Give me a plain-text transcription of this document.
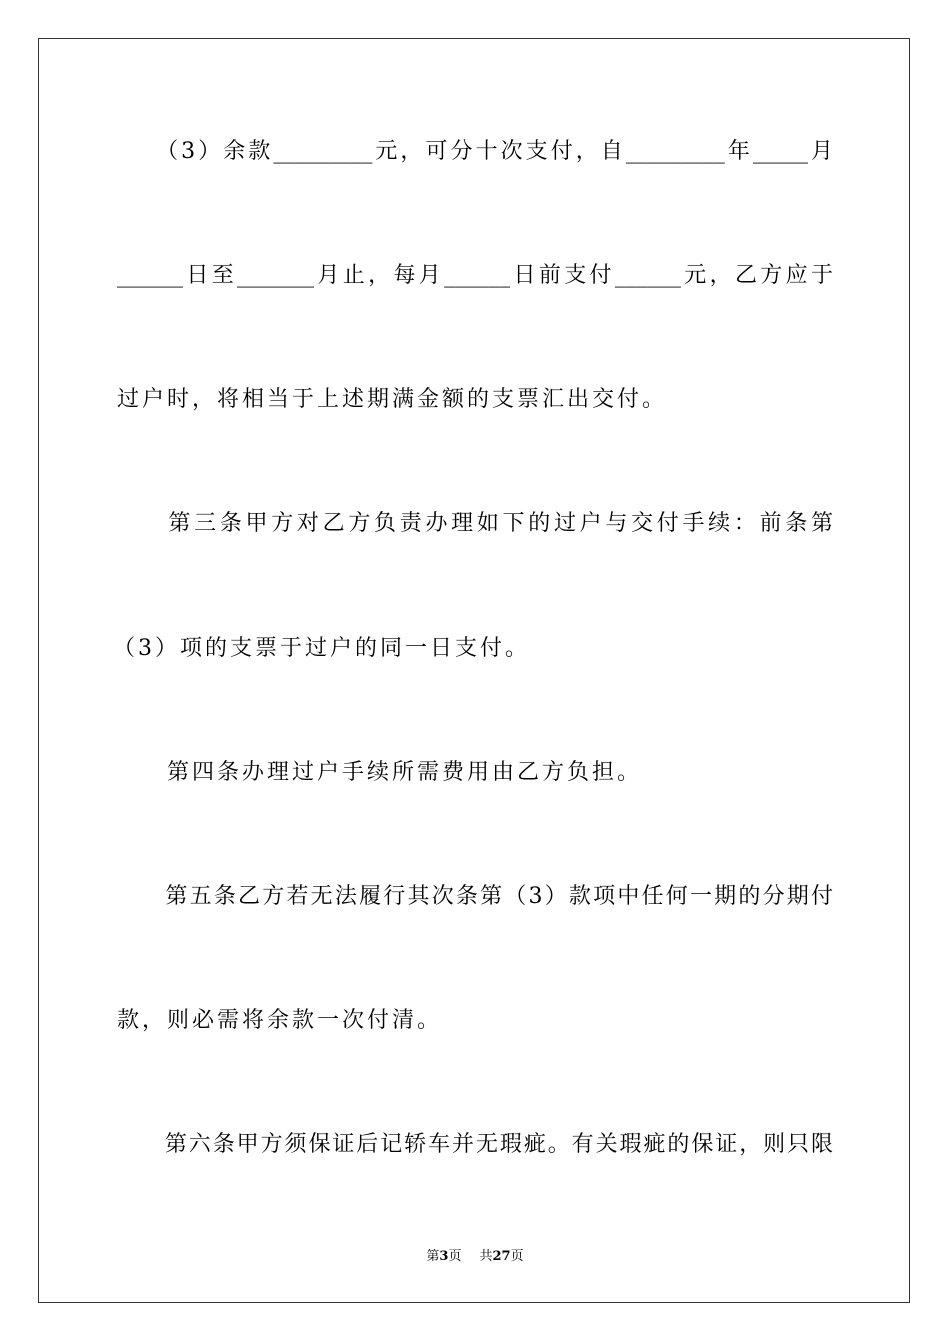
　　（3）余款_________元，可分十次支付，自_________年_____月
______日至_______月止，每月______日前支付______元，乙方应于
过户时，将相当于上述期满金额的支票汇出交付。
　　第三条甲方对乙方负责办理如下的过户与交付手续：前条第
（3）项的支票于过户的同一日支付。
　　第四条办理过户手续所需费用由乙方负担。
　　第五条乙方若无法履行其次条第（3）款项中任何一期的分期付
款，则必需将余款一次付清。
　　第六条甲方须保证后记轿车并无瑕疵。有关瑕疵的保证，则只限
第3页 共27页
